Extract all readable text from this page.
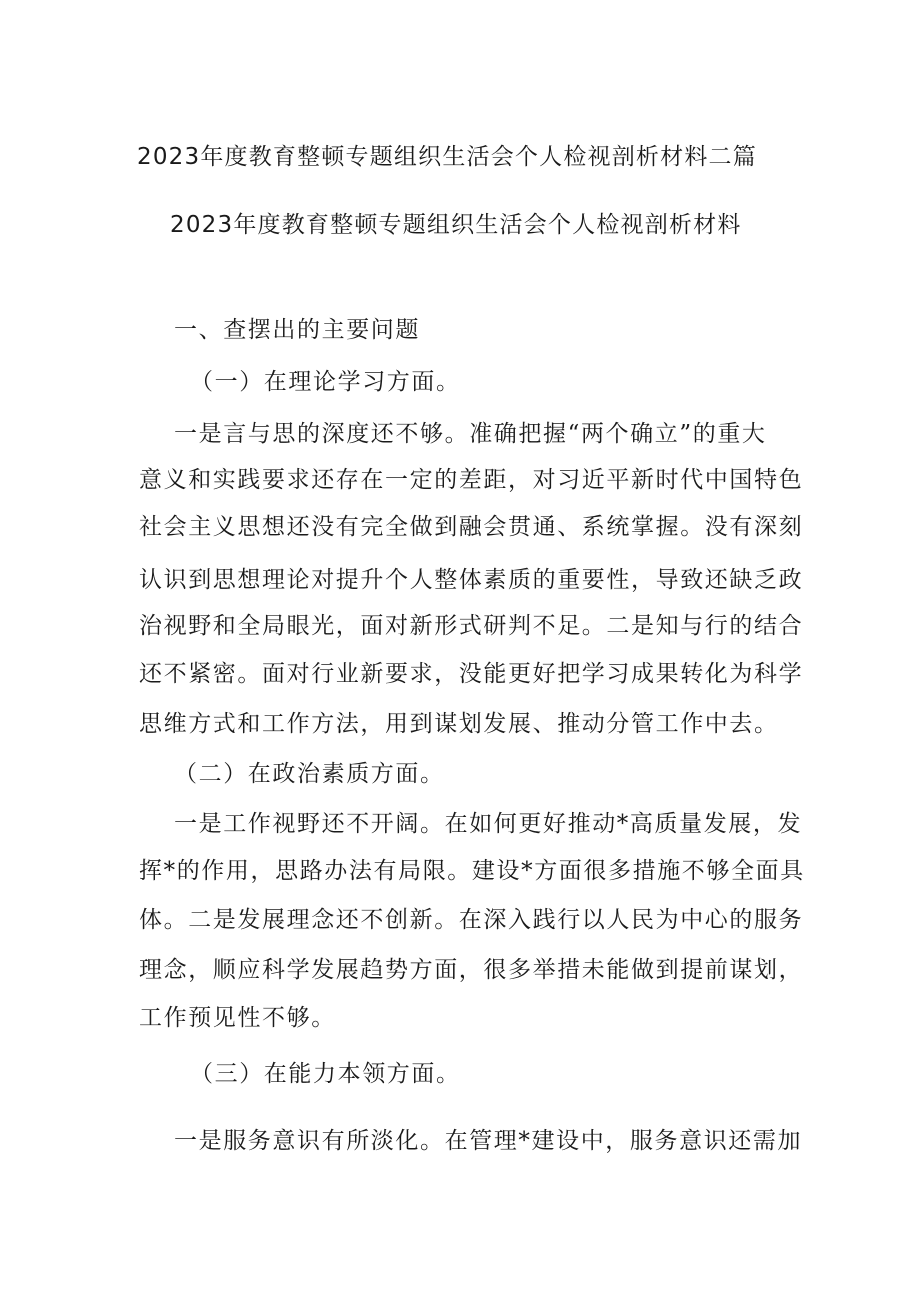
2023年度教育整顿专题组织生活会个人检视剖析材料二篇
2023年度教育整顿专题组织生活会个人检视剖析材料
一、查摆出的主要问题
（一）在理论学习方面。
一是言与思的深度还不够。准确把握“两个确立”的重大
意义和实践要求还存在一定的差距，对习近平新时代中国特色
社会主义思想还没有完全做到融会贯通、系统掌握。没有深刻
认识到思想理论对提升个人整体素质的重要性，导致还缺乏政
治视野和全局眼光，面对新形式研判不足。二是知与行的结合
还不紧密。面对行业新要求，没能更好把学习成果转化为科学
思维方式和工作方法，用到谋划发展、推动分管工作中去。
（二）在政治素质方面。
一是工作视野还不开阔。在如何更好推动*高质量发展，发
挥*的作用，思路办法有局限。建设*方面很多措施不够全面具
体。二是发展理念还不创新。在深入践行以人民为中心的服务
理念，顺应科学发展趋势方面，很多举措未能做到提前谋划，
工作预见性不够。
（三）在能力本领方面。
一是服务意识有所淡化。在管理*建设中，服务意识还需加
